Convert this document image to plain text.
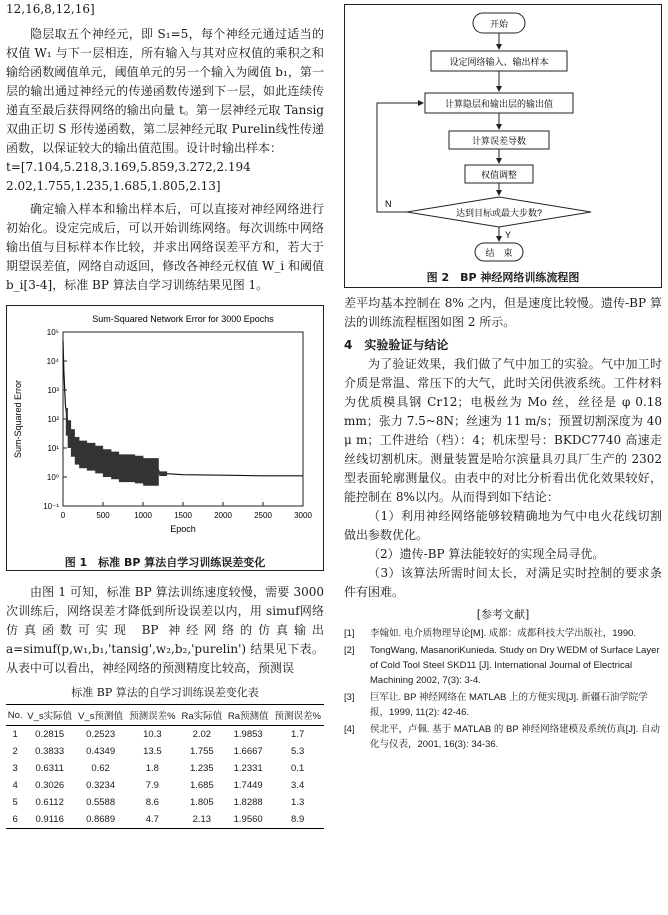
12,16,8,12,16]

隐层取五个神经元，即 S₁=5，每个神经元通过适当的权值 W₁ 与下一层相连，所有输入与其对应权值的乘积之和输给函数阈值单元，阈值单元的另一个输入为阈值 b₁，第一层的输出通过神经元的传递函数传递到下一层，如此连续传递直至最后获得网络的输出向量 t。第一层神经元取 Tansig双曲正切 S 形传递函数，第二层神经元取 Purelin线性传递函数，以保证较大的输出值范围。设计时输出样本：

t=[7.104,5.218,3.169,5.859,3.272,2.194 2.02,1.755,1.235,1.685,1.805,2.13]

确定输入样本和输出样本后，可以直接对神经网络进行初始化。设定完成后，可以开始训练网络。每次训练中网络输出值与目标样本作比较，并求出网络误差平方和，若大于期望误差值，网络自动返回，修改各神经元权值 W_i 和阈值 b_i[3-4]，标准 BP 算法自学习训练结果见图 1。

Sum-Squared Network Error for 3000 Epochs
0	500	1000	1500	2000	2500	3000
10⁻¹
10⁰
10¹
10²
10³
10⁴
10⁵
Epoch
Sum-Squared Error
图 1　标准 BP 算法自学习训练误差变化

由图 1 可知，标准 BP 算法训练速度较慢，需要 3000 次训练后，网络误差才降低到所设误差以内，用 simuf网络仿真函数可实现 BP 神经网络的仿真输出 a=simuf(p,w₁,b₁,'tansig',w₂,b₂,'purelin') 结果见下表。从表中可以看出，神经网络的预测精度比较高，预测误

标准 BP 算法的自学习训练误差变化表
No.	V_s实际值	V_s预测值	预测误差%	Ra实际值	Ra预测值	预测误差%
1	0.2815	0.2523	10.3	2.02	1.9853	1.7
2	0.3833	0.4349	13.5	1.755	1.6667	5.3
3	0.6311	0.62	1.8	1.235	1.2331	0.1
4	0.3026	0.3234	7.9	1.685	1.7449	3.4
5	0.6112	0.5588	8.6	1.805	1.8288	1.3
6	0.9116	0.8689	4.7	2.13	1.9560	8.9
开始
设定网络输入、输出样本
计算隐层和输出层的输出值
计算误差导数
权值调整
达到目标或最大步数?
N
Y
结　束
图 2　BP 神经网络训练流程图

差平均基本控制在 8% 之内，但是速度比较慢。遗传-BP 算法的训练流程框图如图 2 所示。

4　实验验证与结论

为了验证效果，我们做了气中加工的实验。气中加工时介质是常温、常压下的大气，此时关闭供液系统。工件材料为优质模具钢 Cr12；电极丝为 Mo 丝，丝径是 φ 0.18 mm；张力 7.5~8N；丝速为 11 m/s；预置切割深度为 40 μ m；工件进给（档）：4；机床型号：BKDC7740 高速走丝线切割机床。测量装置是哈尔滨量具刃具厂生产的 2302 型表面轮廓测量仪。由表中的对比分析看出优化效果较好，能控制在 8%以内。从而得到如下结论：

（1）利用神经网络能够较精确地为气中电火花线切割做出参数优化。

（2）遗传-BP 算法能较好的实现全局寻优。

（3）该算法所需时间太长，对满足实时控制的要求条件有困难。

[参考文献]
[1]	李翰如. 电介质物理导论[M]. 成都：成都科技大学出版社，1990.
[2]	TongWang, MasanoriKunieda. Study on Dry WEDM of Surface Layer of Cold Tool Steel SKD11 [J]. International Journal of Electrical Machining 2002, 7(3): 3-4.
[3]	巨军让. BP 神经网络在 MATLAB 上的方便实现[J]. 新疆石油学院学报，1999, 11(2): 42-46.
[4]	侯北平，卢佩. 基于 MATLAB 的 BP 神经网络建模及系统仿真[J]. 自动化与仪表，2001, 16(3): 34-36.
